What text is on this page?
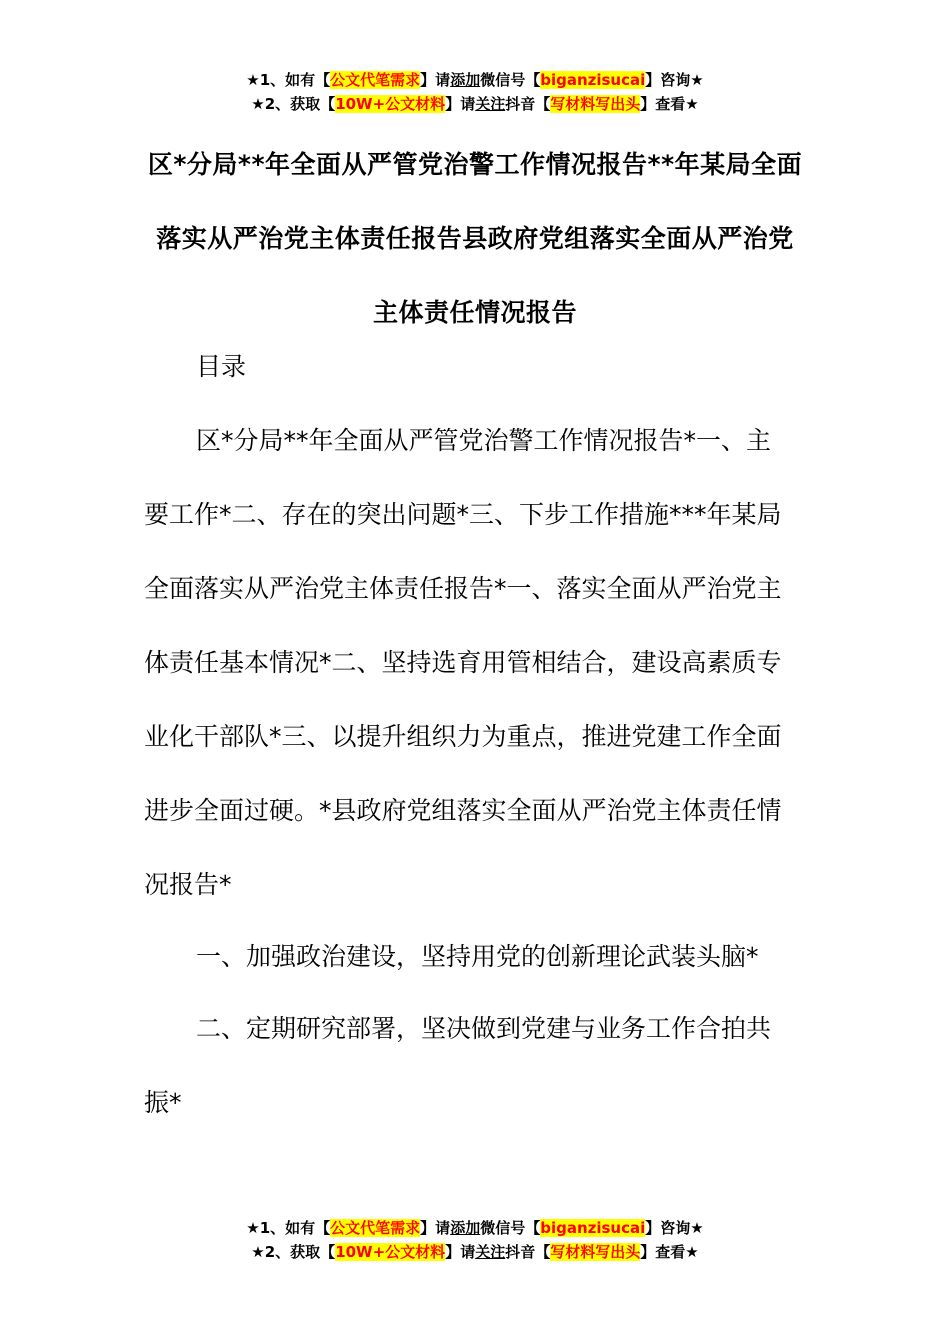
★1、如有【公文代笔需求】请添加微信号【biganzisucai】咨询★
★2、获取【10W+公文材料】请关注抖音【写材料写出头】查看★
区*分局**年全面从严管党治警工作情况报告**年某局全面
落实从严治党主体责任报告县政府党组落实全面从严治党
主体责任情况报告
目录
区*分局**年全面从严管党治警工作情况报告*一、主
要工作*二、存在的突出问题*三、下步工作措施***年某局
全面落实从严治党主体责任报告*一、落实全面从严治党主
体责任基本情况*二、坚持选育用管相结合，建设高素质专
业化干部队*三、以提升组织力为重点，推进党建工作全面
进步全面过硬。*县政府党组落实全面从严治党主体责任情
况报告*
一、加强政治建设，坚持用党的创新理论武装头脑*
二、定期研究部署，坚决做到党建与业务工作合拍共
振*
★1、如有【公文代笔需求】请添加微信号【biganzisucai】咨询★
★2、获取【10W+公文材料】请关注抖音【写材料写出头】查看★
